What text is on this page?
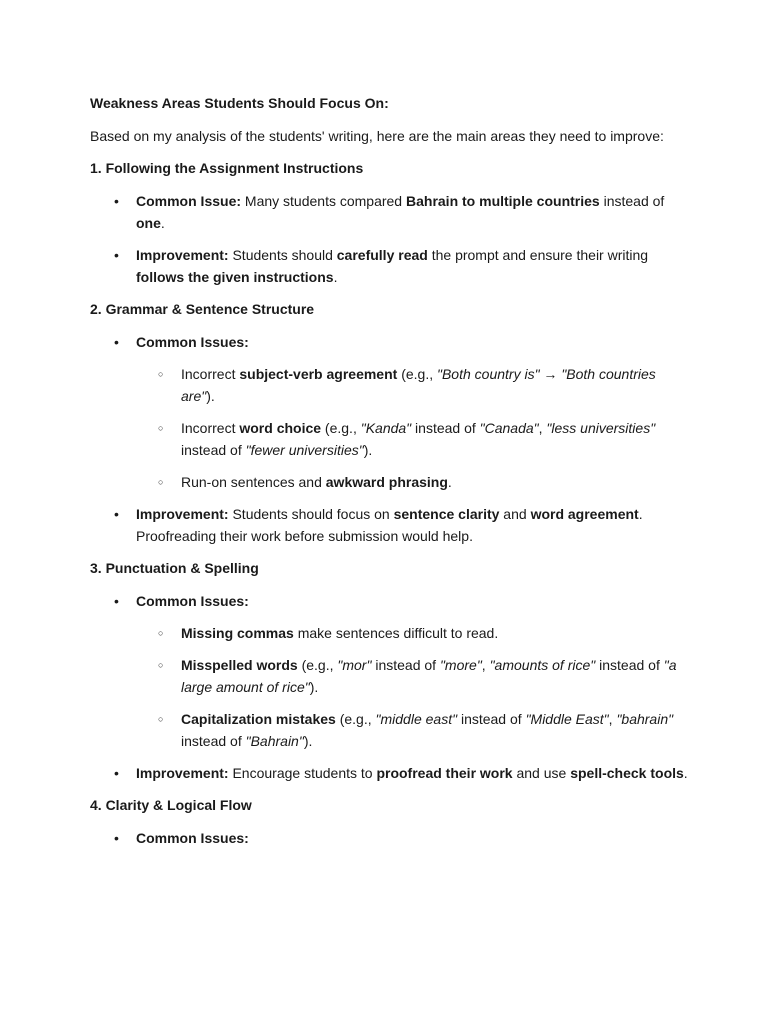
Weakness Areas Students Should Focus On:

Based on my analysis of the students' writing, here are the main areas they need to improve:

1. Following the Assignment Instructions

• Common Issue: Many students compared Bahrain to multiple countries instead of one.
• Improvement: Students should carefully read the prompt and ensure their writing follows the given instructions.

2. Grammar & Sentence Structure

• Common Issues:
○ Incorrect subject-verb agreement (e.g., "Both country is" → "Both countries are").
○ Incorrect word choice (e.g., "Kanda" instead of "Canada", "less universities" instead of "fewer universities").
○ Run-on sentences and awkward phrasing.
• Improvement: Students should focus on sentence clarity and word agreement. Proofreading their work before submission would help.

3. Punctuation & Spelling

• Common Issues:
○ Missing commas make sentences difficult to read.
○ Misspelled words (e.g., "mor" instead of "more", "amounts of rice" instead of "a large amount of rice").
○ Capitalization mistakes (e.g., "middle east" instead of "Middle East", "bahrain" instead of "Bahrain").
• Improvement: Encourage students to proofread their work and use spell-check tools.

4. Clarity & Logical Flow

• Common Issues:
